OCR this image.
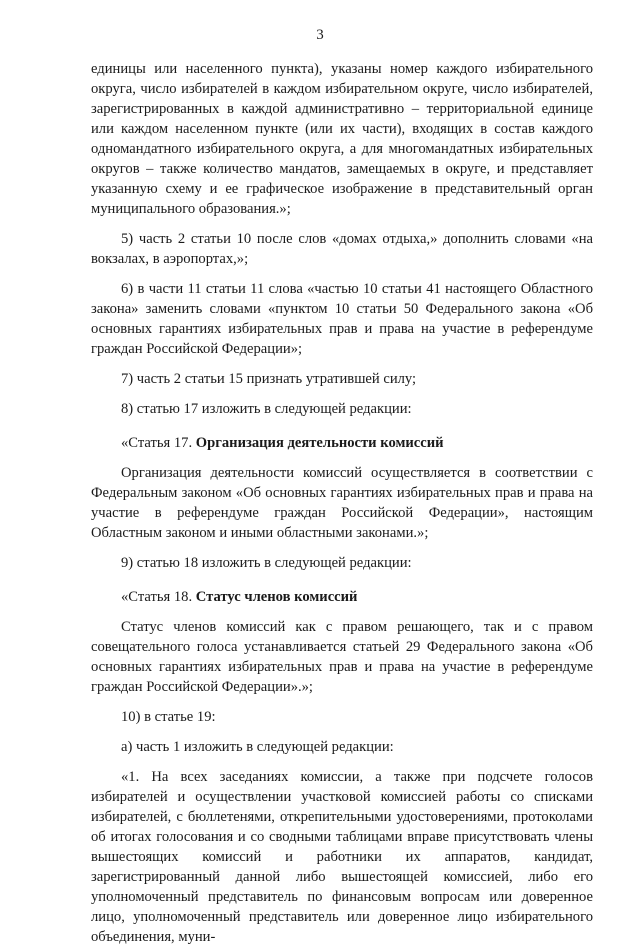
3

единицы или населенного пункта), указаны номер каждого избирательного округа, число избирателей в каждом избирательном округе, число избирателей, зарегистрированных в каждой административно – территориальной единице или каждом населенном пункте (или их части), входящих в состав каждого одномандатного избирательного округа, а для многомандатных избирательных округов – также количество мандатов, замещаемых в округе, и представляет указанную схему и ее графическое изображение в представительный орган муниципального образования.»;

5) часть 2 статьи 10 после слов «домах отдыха,» дополнить словами «на вокзалах, в аэропортах,»;

6) в части 11 статьи 11 слова «частью 10 статьи 41 настоящего Областного закона» заменить словами «пунктом 10 статьи 50 Федерального закона «Об основных гарантиях избирательных прав и права на участие в референдуме граждан Российской Федерации»;

7) часть 2 статьи 15 признать утратившей силу;

8) статью 17 изложить в следующей редакции:

«Статья 17. Организация деятельности комиссий

Организация деятельности комиссий осуществляется в соответствии с Федеральным законом «Об основных гарантиях избирательных прав и права на участие в референдуме граждан Российской Федерации», настоящим Областным законом и иными областными законами.»;

9) статью 18 изложить в следующей редакции:

«Статья 18. Статус членов комиссий

Статус членов комиссий как с правом решающего, так и с правом совещательного голоса устанавливается статьей 29 Федерального закона «Об основных гарантиях избирательных прав и права на участие в референдуме граждан Российской Федерации».»;

10) в статье 19:

а) часть 1 изложить в следующей редакции:

«1. На всех заседаниях комиссии, а также при подсчете голосов избирателей и осуществлении участковой комиссией работы со списками избирателей, с бюллетенями, открепительными удостоверениями, протоколами об итогах голосования и со сводными таблицами вправе присутствовать члены вышестоящих комиссий и работники их аппаратов, кандидат, зарегистрированный данной либо вышестоящей комиссией, либо его уполномоченный представитель по финансовым вопросам или доверенное лицо, уполномоченный представитель или доверенное лицо избирательного объединения, муни-
